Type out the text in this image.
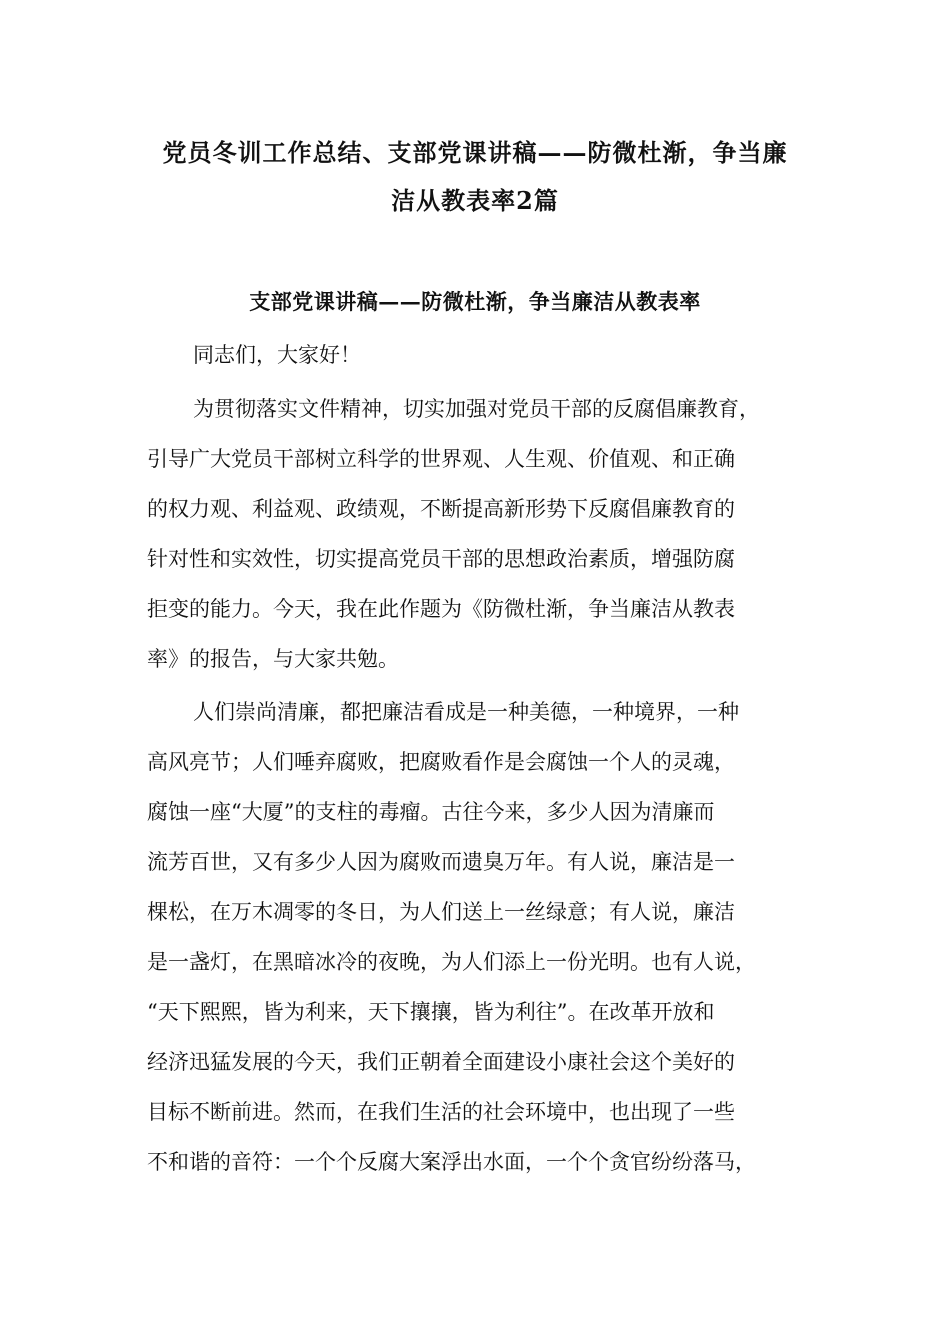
党员冬训工作总结、支部党课讲稿——防微杜渐，争当廉
洁从教表率2篇
支部党课讲稿——防微杜渐，争当廉洁从教表率
同志们，大家好！
为贯彻落实文件精神，切实加强对党员干部的反腐倡廉教育，
引导广大党员干部树立科学的世界观、人生观、价值观、和正确
的权力观、利益观、政绩观，不断提高新形势下反腐倡廉教育的
针对性和实效性，切实提高党员干部的思想政治素质，增强防腐
拒变的能力。今天，我在此作题为《防微杜渐，争当廉洁从教表
率》的报告，与大家共勉。
人们崇尚清廉，都把廉洁看成是一种美德，一种境界，一种
高风亮节；人们唾弃腐败，把腐败看作是会腐蚀一个人的灵魂，
腐蚀一座“大厦”的支柱的毒瘤。古往今来，多少人因为清廉而
流芳百世，又有多少人因为腐败而遗臭万年。有人说，廉洁是一
棵松，在万木凋零的冬日，为人们送上一丝绿意；有人说，廉洁
是一盏灯，在黑暗冰冷的夜晚，为人们添上一份光明。也有人说，
“天下熙熙，皆为利来，天下攘攘，皆为利往”。在改革开放和
经济迅猛发展的今天，我们正朝着全面建设小康社会这个美好的
目标不断前进。然而，在我们生活的社会环境中，也出现了一些
不和谐的音符：一个个反腐大案浮出水面，一个个贪官纷纷落马，
